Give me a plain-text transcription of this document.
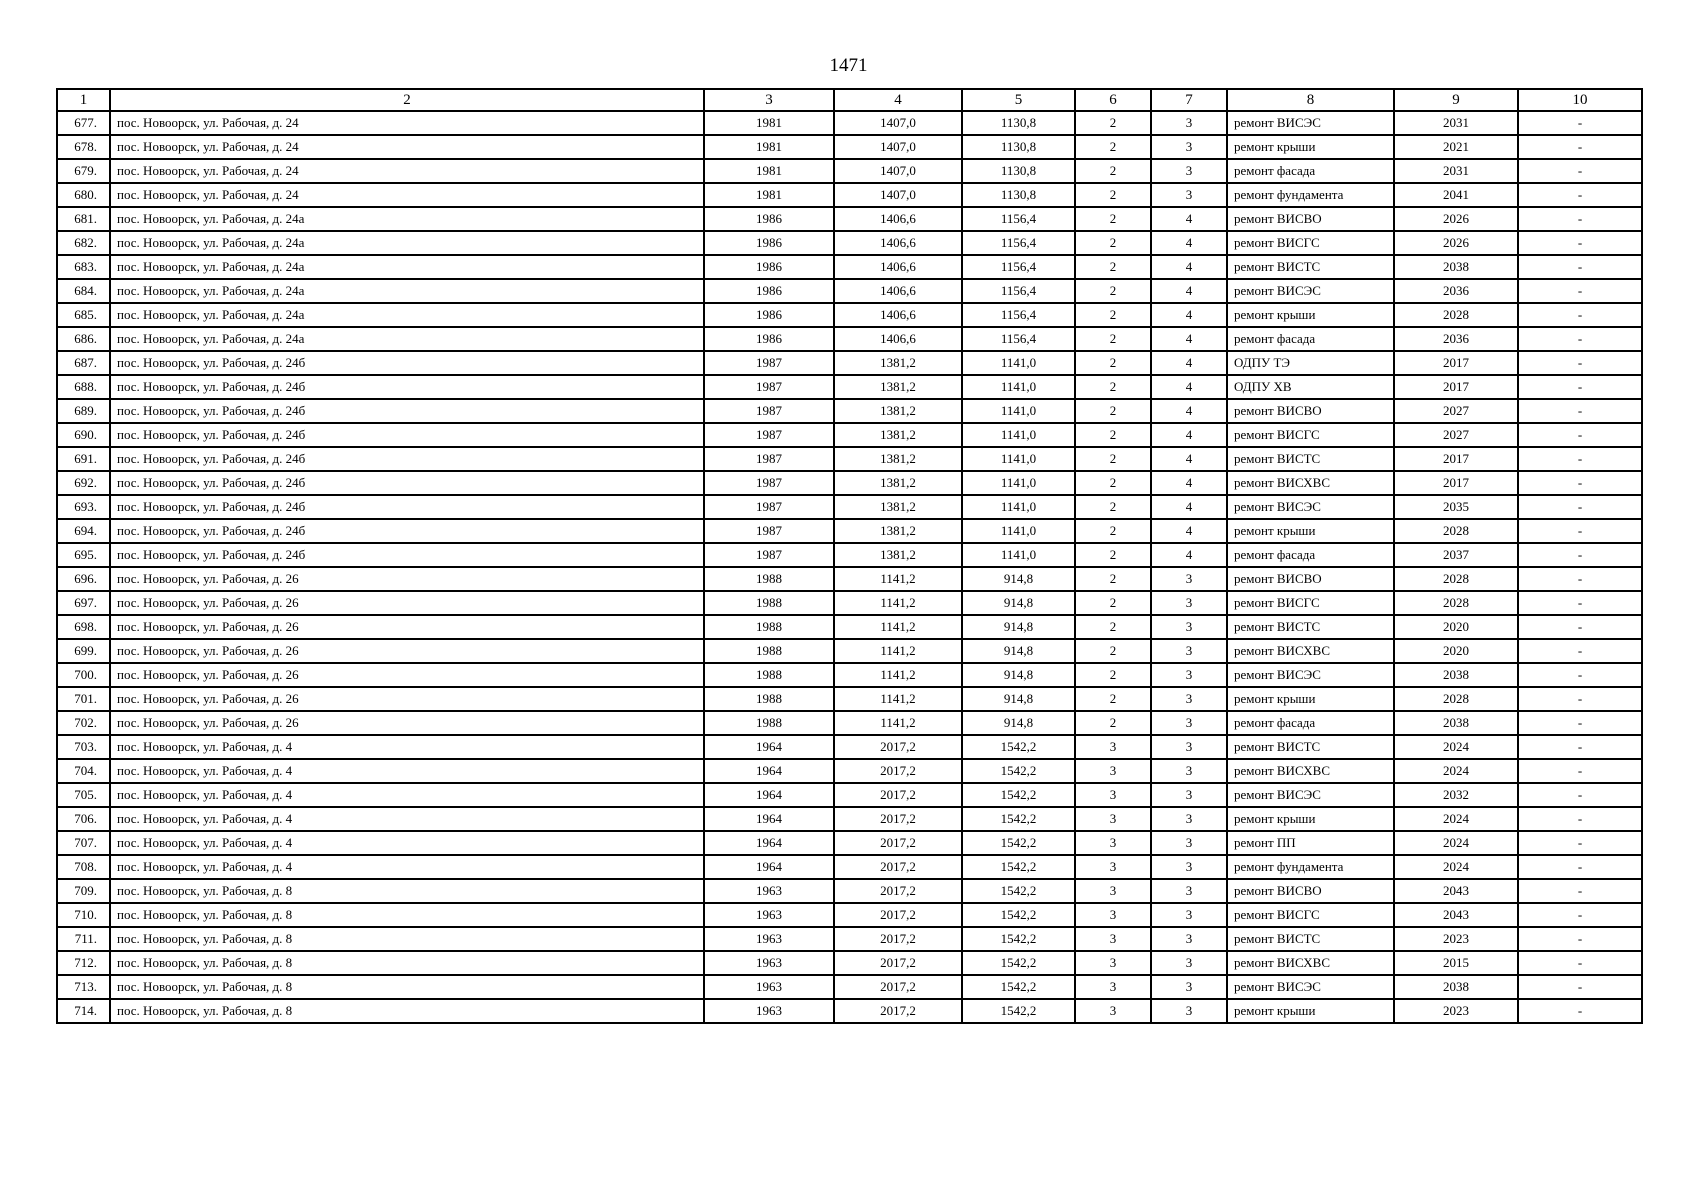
1471
1	2	3	4	5	6	7	8	9	10
677.	пос. Новоорск, ул. Рабочая, д. 24	1981	1407,0	1130,8	2	3	ремонт ВИСЭС	2031	-
678.	пос. Новоорск, ул. Рабочая, д. 24	1981	1407,0	1130,8	2	3	ремонт крыши	2021	-
679.	пос. Новоорск, ул. Рабочая, д. 24	1981	1407,0	1130,8	2	3	ремонт фасада	2031	-
680.	пос. Новоорск, ул. Рабочая, д. 24	1981	1407,0	1130,8	2	3	ремонт фундамента	2041	-
681.	пос. Новоорск, ул. Рабочая, д. 24а	1986	1406,6	1156,4	2	4	ремонт ВИСВО	2026	-
682.	пос. Новоорск, ул. Рабочая, д. 24а	1986	1406,6	1156,4	2	4	ремонт ВИСГС	2026	-
683.	пос. Новоорск, ул. Рабочая, д. 24а	1986	1406,6	1156,4	2	4	ремонт ВИСТС	2038	-
684.	пос. Новоорск, ул. Рабочая, д. 24а	1986	1406,6	1156,4	2	4	ремонт ВИСЭС	2036	-
685.	пос. Новоорск, ул. Рабочая, д. 24а	1986	1406,6	1156,4	2	4	ремонт крыши	2028	-
686.	пос. Новоорск, ул. Рабочая, д. 24а	1986	1406,6	1156,4	2	4	ремонт фасада	2036	-
687.	пос. Новоорск, ул. Рабочая, д. 24б	1987	1381,2	1141,0	2	4	ОДПУ ТЭ	2017	-
688.	пос. Новоорск, ул. Рабочая, д. 24б	1987	1381,2	1141,0	2	4	ОДПУ ХВ	2017	-
689.	пос. Новоорск, ул. Рабочая, д. 24б	1987	1381,2	1141,0	2	4	ремонт ВИСВО	2027	-
690.	пос. Новоорск, ул. Рабочая, д. 24б	1987	1381,2	1141,0	2	4	ремонт ВИСГС	2027	-
691.	пос. Новоорск, ул. Рабочая, д. 24б	1987	1381,2	1141,0	2	4	ремонт ВИСТС	2017	-
692.	пос. Новоорск, ул. Рабочая, д. 24б	1987	1381,2	1141,0	2	4	ремонт ВИСХВС	2017	-
693.	пос. Новоорск, ул. Рабочая, д. 24б	1987	1381,2	1141,0	2	4	ремонт ВИСЭС	2035	-
694.	пос. Новоорск, ул. Рабочая, д. 24б	1987	1381,2	1141,0	2	4	ремонт крыши	2028	-
695.	пос. Новоорск, ул. Рабочая, д. 24б	1987	1381,2	1141,0	2	4	ремонт фасада	2037	-
696.	пос. Новоорск, ул. Рабочая, д. 26	1988	1141,2	914,8	2	3	ремонт ВИСВО	2028	-
697.	пос. Новоорск, ул. Рабочая, д. 26	1988	1141,2	914,8	2	3	ремонт ВИСГС	2028	-
698.	пос. Новоорск, ул. Рабочая, д. 26	1988	1141,2	914,8	2	3	ремонт ВИСТС	2020	-
699.	пос. Новоорск, ул. Рабочая, д. 26	1988	1141,2	914,8	2	3	ремонт ВИСХВС	2020	-
700.	пос. Новоорск, ул. Рабочая, д. 26	1988	1141,2	914,8	2	3	ремонт ВИСЭС	2038	-
701.	пос. Новоорск, ул. Рабочая, д. 26	1988	1141,2	914,8	2	3	ремонт крыши	2028	-
702.	пос. Новоорск, ул. Рабочая, д. 26	1988	1141,2	914,8	2	3	ремонт фасада	2038	-
703.	пос. Новоорск, ул. Рабочая, д. 4	1964	2017,2	1542,2	3	3	ремонт ВИСТС	2024	-
704.	пос. Новоорск, ул. Рабочая, д. 4	1964	2017,2	1542,2	3	3	ремонт ВИСХВС	2024	-
705.	пос. Новоорск, ул. Рабочая, д. 4	1964	2017,2	1542,2	3	3	ремонт ВИСЭС	2032	-
706.	пос. Новоорск, ул. Рабочая, д. 4	1964	2017,2	1542,2	3	3	ремонт крыши	2024	-
707.	пос. Новоорск, ул. Рабочая, д. 4	1964	2017,2	1542,2	3	3	ремонт ПП	2024	-
708.	пос. Новоорск, ул. Рабочая, д. 4	1964	2017,2	1542,2	3	3	ремонт фундамента	2024	-
709.	пос. Новоорск, ул. Рабочая, д. 8	1963	2017,2	1542,2	3	3	ремонт ВИСВО	2043	-
710.	пос. Новоорск, ул. Рабочая, д. 8	1963	2017,2	1542,2	3	3	ремонт ВИСГС	2043	-
711.	пос. Новоорск, ул. Рабочая, д. 8	1963	2017,2	1542,2	3	3	ремонт ВИСТС	2023	-
712.	пос. Новоорск, ул. Рабочая, д. 8	1963	2017,2	1542,2	3	3	ремонт ВИСХВС	2015	-
713.	пос. Новоорск, ул. Рабочая, д. 8	1963	2017,2	1542,2	3	3	ремонт ВИСЭС	2038	-
714.	пос. Новоорск, ул. Рабочая, д. 8	1963	2017,2	1542,2	3	3	ремонт крыши	2023	-
